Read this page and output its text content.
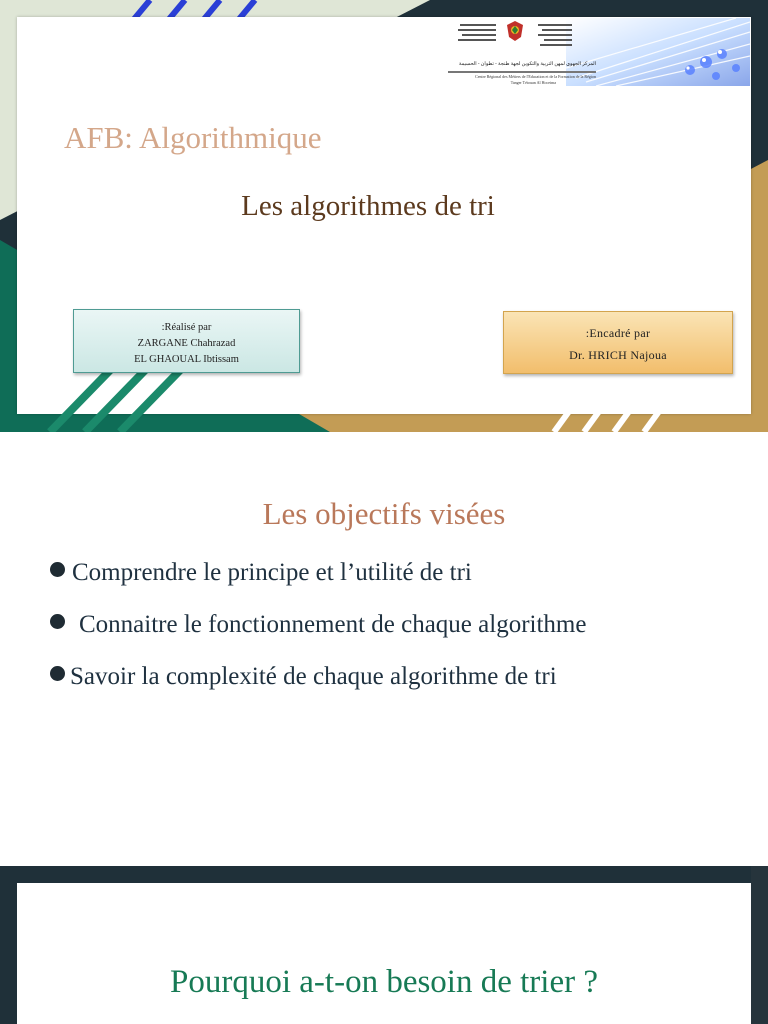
المركز الجهوي لمهن التربية والتكوين لجهة طنجة - تطوان - الحسيمة
Centre Régional des Métiers de l'Education et de la Formation de la Région
Tanger Tétouan Al Hoceima
AFB: Algorithmique
Les algorithmes de tri
:Réalisé par
ZARGANE Chahrazad
EL GHAOUAL Ibtissam
:Encadré par
Dr. HRICH Najoua
Les objectifs visées
Comprendre le principe et l’utilité de tri
Connaitre le fonctionnement de chaque algorithme
Savoir la complexité de chaque algorithme de tri
Pourquoi a-t-on besoin de trier ?
